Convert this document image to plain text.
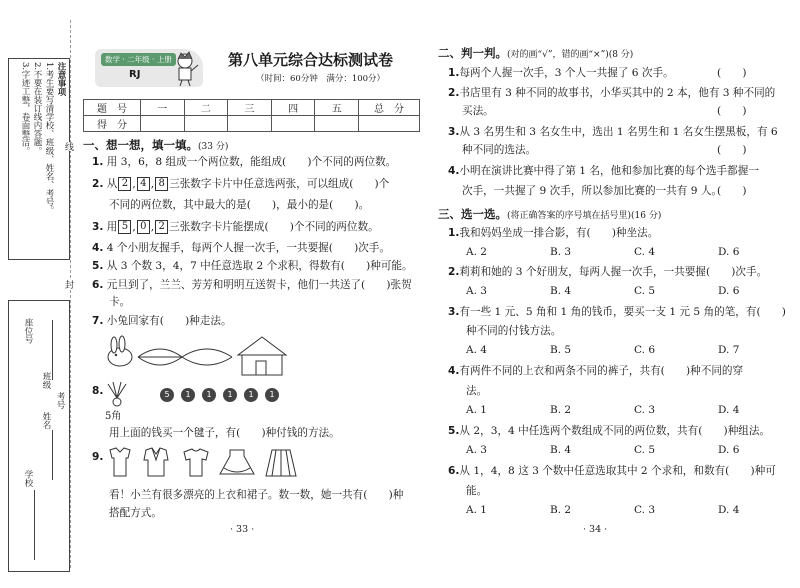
注意事项
1.考生要写清学校、班级、姓名、考号。
2.不要在装订线内答题。
3.字迹工整，卷面整洁。	线
封
班级
考号
姓名
学校
座位号
数学 · 二年级 · 上册
RJ
第八单元综合达标测试卷
（时间：60分钟　满分：100分）
题　号	一	二	三	四	五	总　分
得　分						
一、想一想，填一填。(33 分)
1. 用 3，6，8 组成一个两位数，能组成(　　)个不同的两位数。
2. 从 2 , 4 , 8 三张数字卡片中任意选两张，可以组成(　　)个
不同的两位数，其中最大的是(　　)，最小的是(　　)。
3. 用 5 , 0 , 2 三张数字卡片能摆成(　　)个不同的两位数。
4. 4 个小朋友握手，每两个人握一次手，一共要握(　　)次手。
5. 从 3 个数 3，4，7 中任意选取 2 个求积，得数有(　　)种可能。
6. 元旦到了，兰兰、芳芳和明明互送贺卡，他们一共送了(　　)张贺
卡。
7. 小兔回家有(　　)种走法。
8.
5角
5	1	1	1	1	1
用上面的钱买一个毽子，有(　　)种付钱的方法。
9.
看！小兰有很多漂亮的上衣和裙子。数一数，她一共有(　　)种
搭配方式。
· 33 ·
二、判一判。(对的画“√”，错的画“×”)(8 分)
1.每两个人握一次手，3 个人一共握了 6 次手。	(　　)
2.书店里有 3 种不同的故事书，小华买其中的 2 本，他有 3 种不同的
买法。	(　　)
3.从 3 名男生和 3 名女生中，选出 1 名男生和 1 名女生摆黑板，有 6
种不同的选法。	(　　)
4.小明在演讲比赛中得了第 1 名，他和参加比赛的每个选手都握一
次手，一共握了 9 次手，所以参加比赛的一共有 9 人。
(　　)
三、选一选。(将正确答案的序号填在括号里)(16 分)
1.我和妈妈坐成一排合影，有(　　)种坐法。
A. 2	B. 3	C. 4	D. 6
2.莉莉和她的 3 个好朋友，每两人握一次手，一共要握(　　)次手。
A. 3	B. 4	C. 5	D. 6
3.有一些 1 元、5 角和 1 角的钱币，要买一支 1 元 5 角的笔，有(　　)
种不同的付钱方法。
A. 4	B. 5	C. 6	D. 7
4.有两件不同的上衣和两条不同的裤子，共有(　　)种不同的穿
法。
A. 1	B. 2	C. 3	D. 4
5.从 2，3，4 中任选两个数组成不同的两位数，共有(　　)种组法。
A. 3	B. 4	C. 5	D. 6
6.从 1，4，8 这 3 个数中任意选取其中 2 个求和，和数有(　　)种可
能。
A. 1	B. 2	C. 3	D. 4
· 34 ·
